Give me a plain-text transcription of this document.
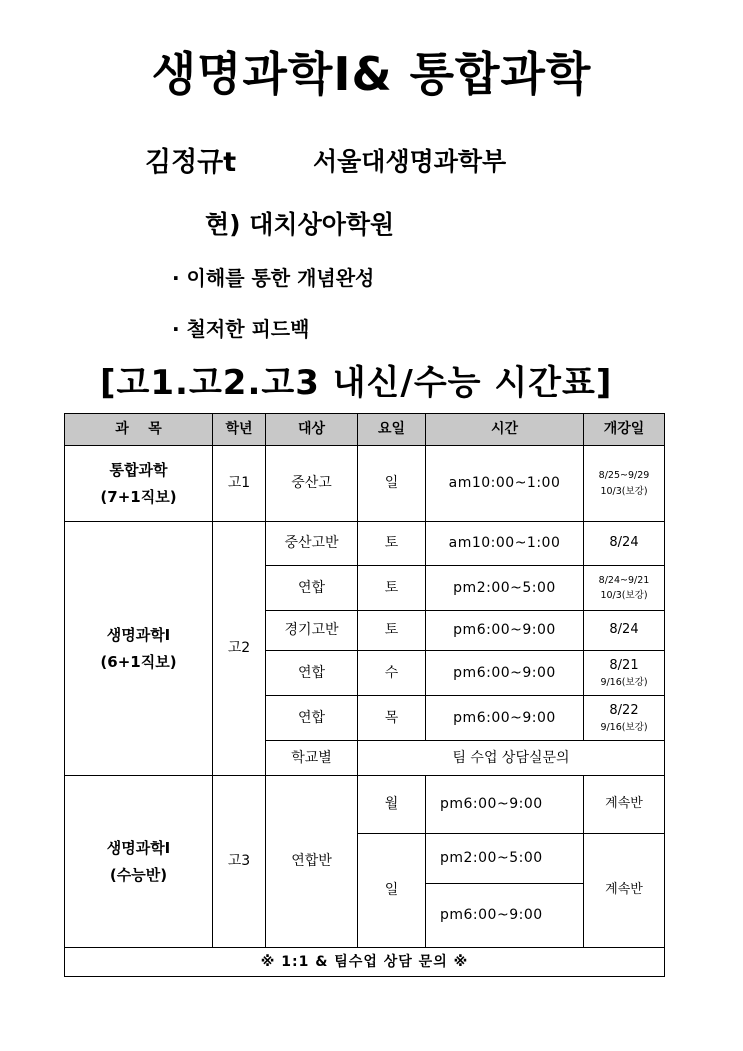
생명과학Ⅰ& 통합과학
김정규t	서울대생명과학부
현) 대치상아학원
· 이해를 통한 개념완성
· 철저한 피드백
[고1.고2.고3 내신/수능 시간표]
과    목	학년	대상	요일	시간	개강일
통합과학
(7+1직보)	고1	중산고	일	am10:00~1:00	8/25~9/29
10/3(보강)

생명과학Ⅰ
(6+1직보)	고2	중산고반	토	am10:00~1:00	8/24
		연합	토	pm2:00~5:00	8/24~9/21
10/3(보강)

		경기고반	토	pm6:00~9:00	8/24
		연합	수	pm6:00~9:00	8/21
9/16(보강)

		연합	목	pm6:00~9:00	8/22
9/16(보강)

		학교별	팀 수업 상담실문의		
생명과학Ⅰ
(수능반)	고3	연합반	월	pm6:00~9:00	계속반
			일	pm2:00~5:00	계속반
				pm6:00~9:00	
※ 1:1 & 팀수업 상담 문의 ※					
